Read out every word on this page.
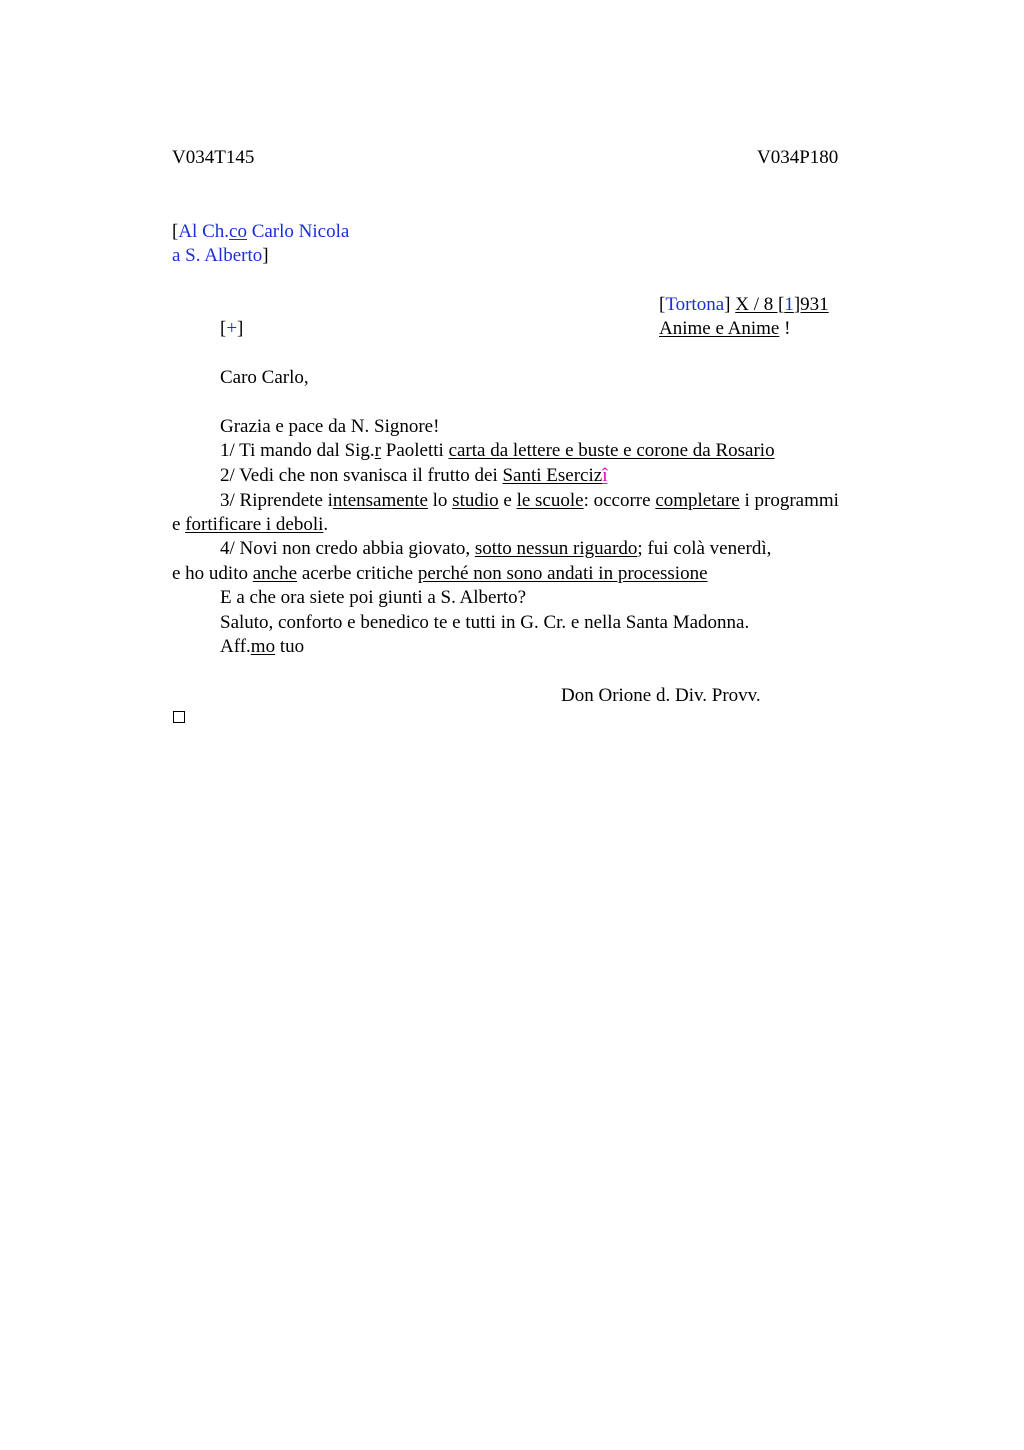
V034T145	V034P180
[Al Ch.co Carlo Nicola
a S. Alberto]
[Tortona] X / 8 [1]931
Anime e Anime !
[+]
Caro Carlo,
Grazia e pace da N. Signore!
1/ Ti mando dal Sig.r Paoletti carta da lettere e buste e corone da Rosario
2/ Vedi che non svanisca il frutto dei Santi Esercizî
3/ Riprendete intensamente lo studio e le scuole: occorre completare i programmi
e fortificare i deboli.
4/ Novi non credo abbia giovato, sotto nessun riguardo; fui colà venerdì,
e ho udito anche acerbe critiche perché non sono andati in processione
E a che ora siete poi giunti a S. Alberto?
Saluto, conforto e benedico te e tutti in G. Cr. e nella Santa Madonna.
Aff.mo tuo
Don Orione d. Div. Provv.
